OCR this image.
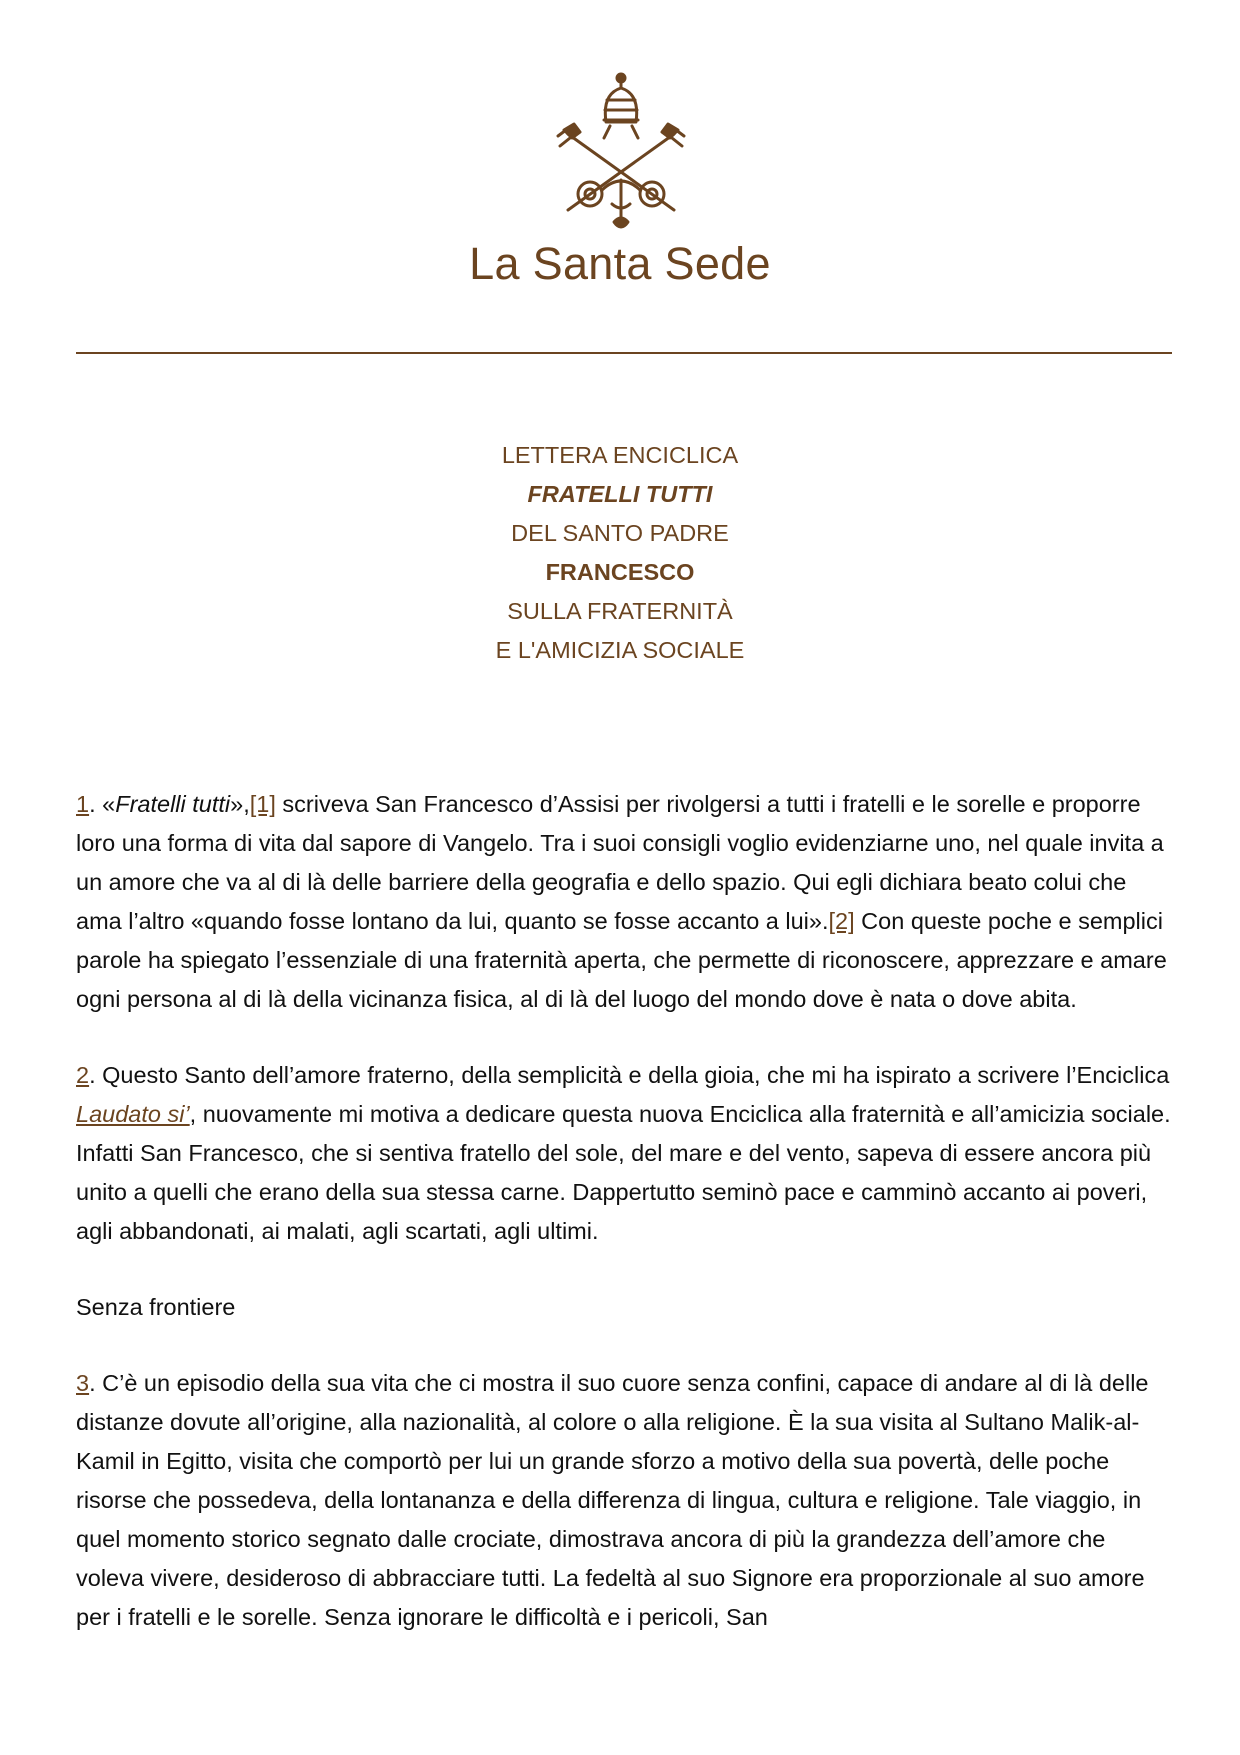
La Santa Sede
LETTERA ENCICLICA
FRATELLI TUTTI
DEL SANTO PADRE
FRANCESCO
SULLA FRATERNITÀ
E L'AMICIZIA SOCIALE

1. «Fratelli tutti»,[1] scriveva San Francesco d’Assisi per rivolgersi a tutti i fratelli e le sorelle e proporre loro una forma di vita dal sapore di Vangelo. Tra i suoi consigli voglio evidenziarne uno, nel quale invita a un amore che va al di là delle barriere della geografia e dello spazio. Qui egli dichiara beato colui che ama l’altro «quando fosse lontano da lui, quanto se fosse accanto a lui».[2] Con queste poche e semplici parole ha spiegato l’essenziale di una fraternità aperta, che permette di riconoscere, apprezzare e amare ogni persona al di là della vicinanza fisica, al di là del luogo del mondo dove è nata o dove abita.

2. Questo Santo dell’amore fraterno, della semplicità e della gioia, che mi ha ispirato a scrivere l’Enciclica Laudato si’, nuovamente mi motiva a dedicare questa nuova Enciclica alla fraternità e all’amicizia sociale. Infatti San Francesco, che si sentiva fratello del sole, del mare e del vento, sapeva di essere ancora più unito a quelli che erano della sua stessa carne. Dappertutto seminò pace e camminò accanto ai poveri, agli abbandonati, ai malati, agli scartati, agli ultimi.

Senza frontiere

3. C’è un episodio della sua vita che ci mostra il suo cuore senza confini, capace di andare al di là delle distanze dovute all’origine, alla nazionalità, al colore o alla religione. È la sua visita al Sultano Malik-al-Kamil in Egitto, visita che comportò per lui un grande sforzo a motivo della sua povertà, delle poche risorse che possedeva, della lontananza e della differenza di lingua, cultura e religione. Tale viaggio, in quel momento storico segnato dalle crociate, dimostrava ancora di più la grandezza dell’amore che voleva vivere, desideroso di abbracciare tutti. La fedeltà al suo Signore era proporzionale al suo amore per i fratelli e le sorelle. Senza ignorare le difficoltà e i pericoli, San
